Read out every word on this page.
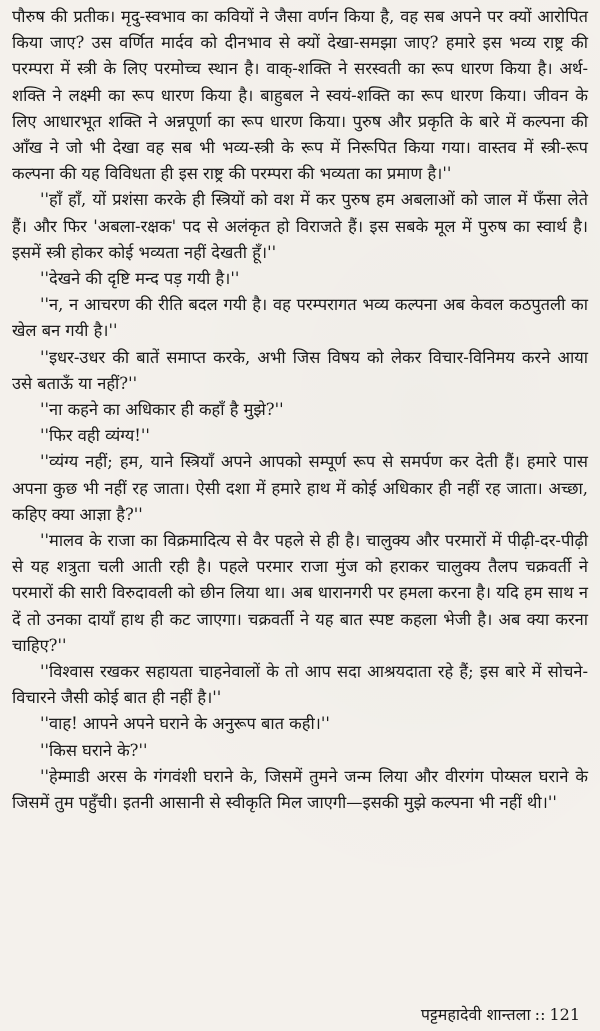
पौरुष की प्रतीक। मृदु-स्वभाव का कवियों ने जैसा वर्णन किया है, वह सब अपने पर क्यों आरोपित किया जाए? उस वर्णित मार्दव को दीनभाव से क्यों देखा-समझा जाए? हमारे इस भव्य राष्ट्र की परम्परा में स्त्री के लिए परमोच्च स्थान है। वाक्-शक्ति ने सरस्वती का रूप धारण किया है। अर्थ-शक्ति ने लक्ष्मी का रूप धारण किया है। बाहुबल ने स्वयं-शक्ति का रूप धारण किया। जीवन के लिए आधारभूत शक्ति ने अन्नपूर्णा का रूप धारण किया। पुरुष और प्रकृति के बारे में कल्पना की आँख ने जो भी देखा वह सब भी भव्य-स्त्री के रूप में निरूपित किया गया। वास्तव में स्त्री-रूप कल्पना की यह विविधता ही इस राष्ट्र की परम्परा की भव्यता का प्रमाण है।''

''हाँ हाँ, यों प्रशंसा करके ही स्त्रियों को वश में कर पुरुष हम अबलाओं को जाल में फँसा लेते हैं। और फिर 'अबला-रक्षक' पद से अलंकृत हो विराजते हैं। इस सबके मूल में पुरुष का स्वार्थ है। इसमें स्त्री होकर कोई भव्यता नहीं देखती हूँ।''

''देखने की दृष्टि मन्द पड़ गयी है।''

''न, न आचरण की रीति बदल गयी है। वह परम्परागत भव्य कल्पना अब केवल कठपुतली का खेल बन गयी है।''

''इधर-उधर की बातें समाप्त करके, अभी जिस विषय को लेकर विचार-विनिमय करने आया उसे बताऊँ या नहीं?''

''ना कहने का अधिकार ही कहाँ है मुझे?''

''फिर वही व्यंग्य!''

''व्यंग्य नहीं; हम, याने स्त्रियाँ अपने आपको सम्पूर्ण रूप से समर्पण कर देती हैं। हमारे पास अपना कुछ भी नहीं रह जाता। ऐसी दशा में हमारे हाथ में कोई अधिकार ही नहीं रह जाता। अच्छा, कहिए क्या आज्ञा है?''

''मालव के राजा का विक्रमादित्य से वैर पहले से ही है। चालुक्य और परमारों में पीढ़ी-दर-पीढ़ी से यह शत्रुता चली आती रही है। पहले परमार राजा मुंज को हराकर चालुक्य तैलप चक्रवर्ती ने परमारों की सारी विरुदावली को छीन लिया था। अब धारानगरी पर हमला करना है। यदि हम साथ न दें तो उनका दायाँ हाथ ही कट जाएगा। चक्रवर्ती ने यह बात स्पष्ट कहला भेजी है। अब क्या करना चाहिए?''

''विश्वास रखकर सहायता चाहनेवालों के तो आप सदा आश्रयदाता रहे हैं; इस बारे में सोचने-विचारने जैसी कोई बात ही नहीं है।''

''वाह! आपने अपने घराने के अनुरूप बात कही।''

''किस घराने के?''

''हेम्माडी अरस के गंगवंशी घराने के, जिसमें तुमने जन्म लिया और वीरगंग पोय्सल घराने के जिसमें तुम पहुँची। इतनी आसानी से स्वीकृति मिल जाएगी—इसकी मुझे कल्पना भी नहीं थी।''

पट्टमहादेवी शान्तला :: 121
